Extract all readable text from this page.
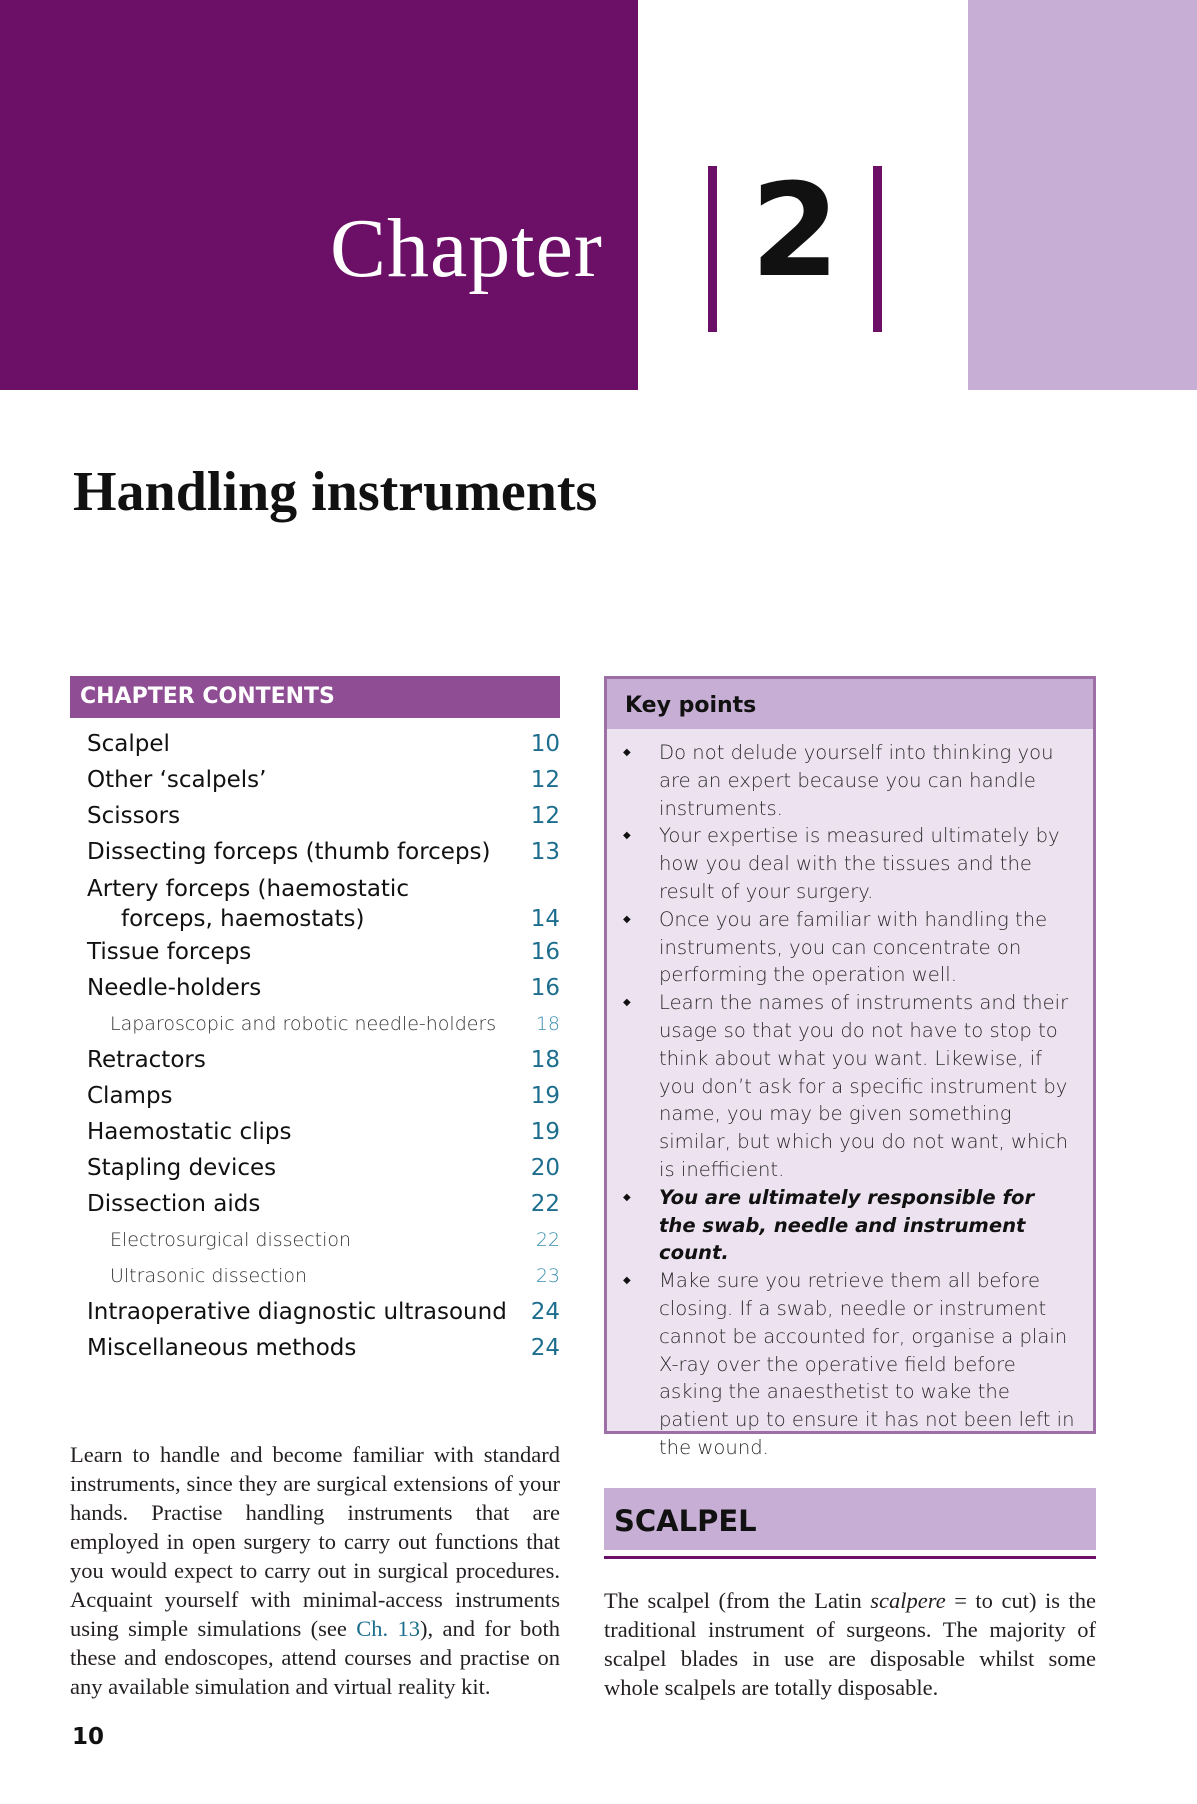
Chapter 2
Handling instruments
CHAPTER CONTENTS
Scalpel	10
Other ‘scalpels’	12
Scissors	12
Dissecting forceps (thumb forceps)	13
Artery forceps (haemostatic
forceps, haemostats)	14
Tissue forceps	16
Needle-holders	16
Laparoscopic and robotic needle-holders	18
Retractors	18
Clamps	19
Haemostatic clips	19
Stapling devices	20
Dissection aids	22
Electrosurgical dissection	22
Ultrasonic dissection	23
Intraoperative diagnostic ultrasound	24
Miscellaneous methods	24

Learn to handle and become familiar with standard instruments, since they are surgical extensions of your hands. Practise handling instruments that are employed in open surgery to carry out functions that you would expect to carry out in surgical procedures. Acquaint yourself with minimal-access instruments using simple simulations (see Ch. 13), and for both these and endoscopes, attend courses and practise on any available simulation and virtual reality kit.

Key points
◆ Do not delude yourself into thinking you are an expert because you can handle instruments.
◆ Your expertise is measured ultimately by how you deal with the tissues and the result of your surgery.
◆ Once you are familiar with handling the instruments, you can concentrate on performing the operation well.
◆ Learn the names of instruments and their usage so that you do not have to stop to think about what you want. Likewise, if you don’t ask for a specific instrument by name, you may be given something similar, but which you do not want, which is inefficient.
◆ You are ultimately responsible for the swab, needle and instrument count.
◆ Make sure you retrieve them all before closing. If a swab, needle or instrument cannot be accounted for, organise a plain X-ray over the operative field before asking the anaesthetist to wake the patient up to ensure it has not been left in the wound.
SCALPEL

The scalpel (from the Latin scalpere = to cut) is the traditional instrument of surgeons. The majority of scalpel blades in use are disposable whilst some whole scalpels are totally disposable.

10
